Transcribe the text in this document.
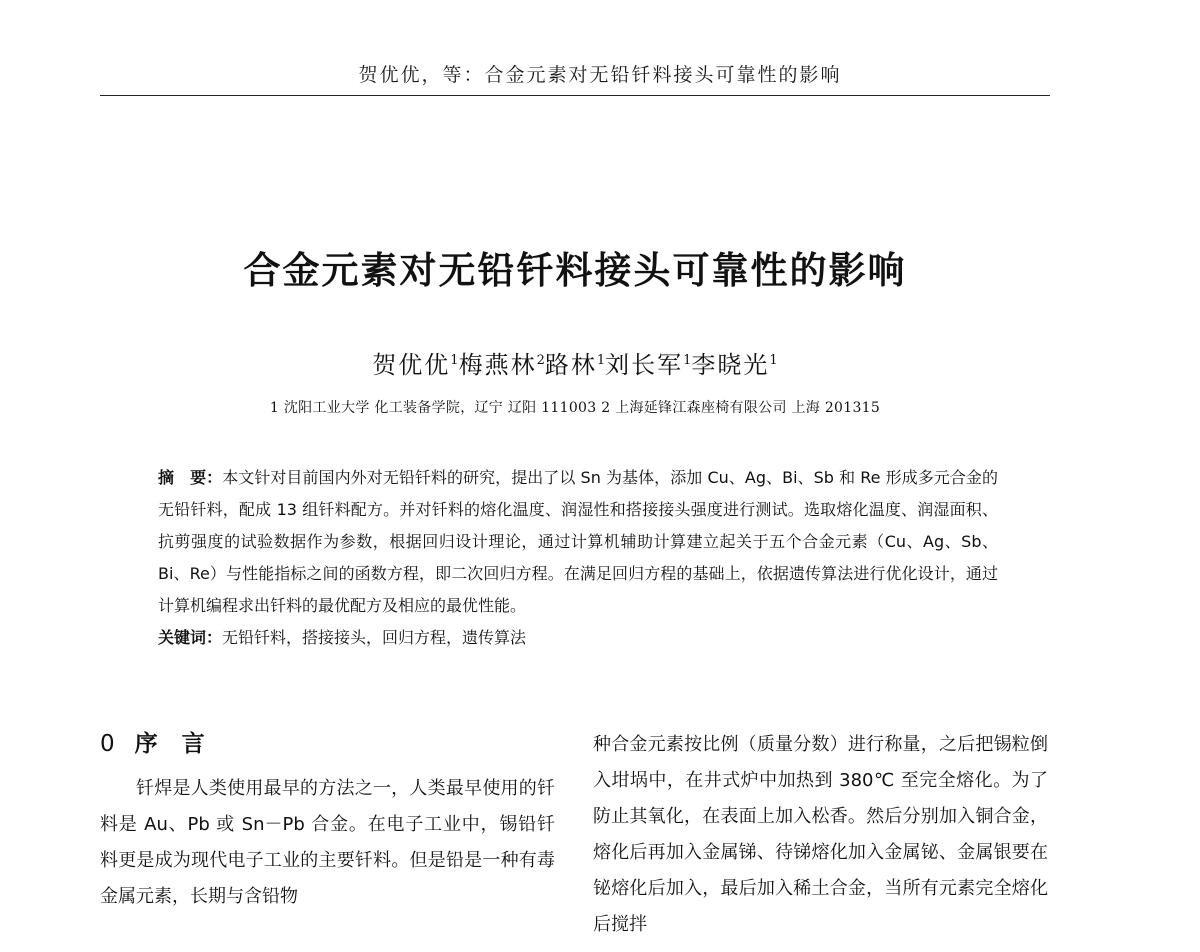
贺优优，等：合金元素对无铅钎料接头可靠性的影响
合金元素对无铅钎料接头可靠性的影响
贺优优$^1$梅燕林$^2$路林$^1$刘长军$^1$李晓光$^1$
1 沈阳工业大学 化工装备学院，辽宁 辽阳 111003 2 上海延锋江森座椅有限公司 上海 201315

摘　要：本文针对目前国内外对无铅钎料的研究，提出了以 Sn 为基体，添加 Cu、Ag、Bi、Sb 和 Re 形成多元合金的无铅钎料，配成 13 组钎料配方。并对钎料的熔化温度、润湿性和搭接接头强度进行测试。选取熔化温度、润湿面积、抗剪强度的试验数据作为参数，根据回归设计理论，通过计算机辅助计算建立起关于五个合金元素（Cu、Ag、Sb、Bi、Re）与性能指标之间的函数方程，即二次回归方程。在满足回归方程的基础上，依据遗传算法进行优化设计，通过计算机编程求出钎料的最优配方及相应的最优性能。

关键词：无铅钎料，搭接接头，回归方程，遗传算法

0 序 言

钎焊是人类使用最早的方法之一，人类最早使用的钎料是 Au、Pb 或 Sn－Pb 合金。在电子工业中，锡铅钎料更是成为现代电子工业的主要钎料。但是铅是一种有毒金属元素，长期与含铅物

种合金元素按比例（质量分数）进行称量，之后把锡粒倒入坩埚中，在井式炉中加热到 380℃ 至完全熔化。为了防止其氧化，在表面上加入松香。然后分别加入铜合金，熔化后再加入金属锑、待锑熔化加入金属铋、金属银要在铋熔化后加入，最后加入稀土合金，当所有元素完全熔化后搅拌
